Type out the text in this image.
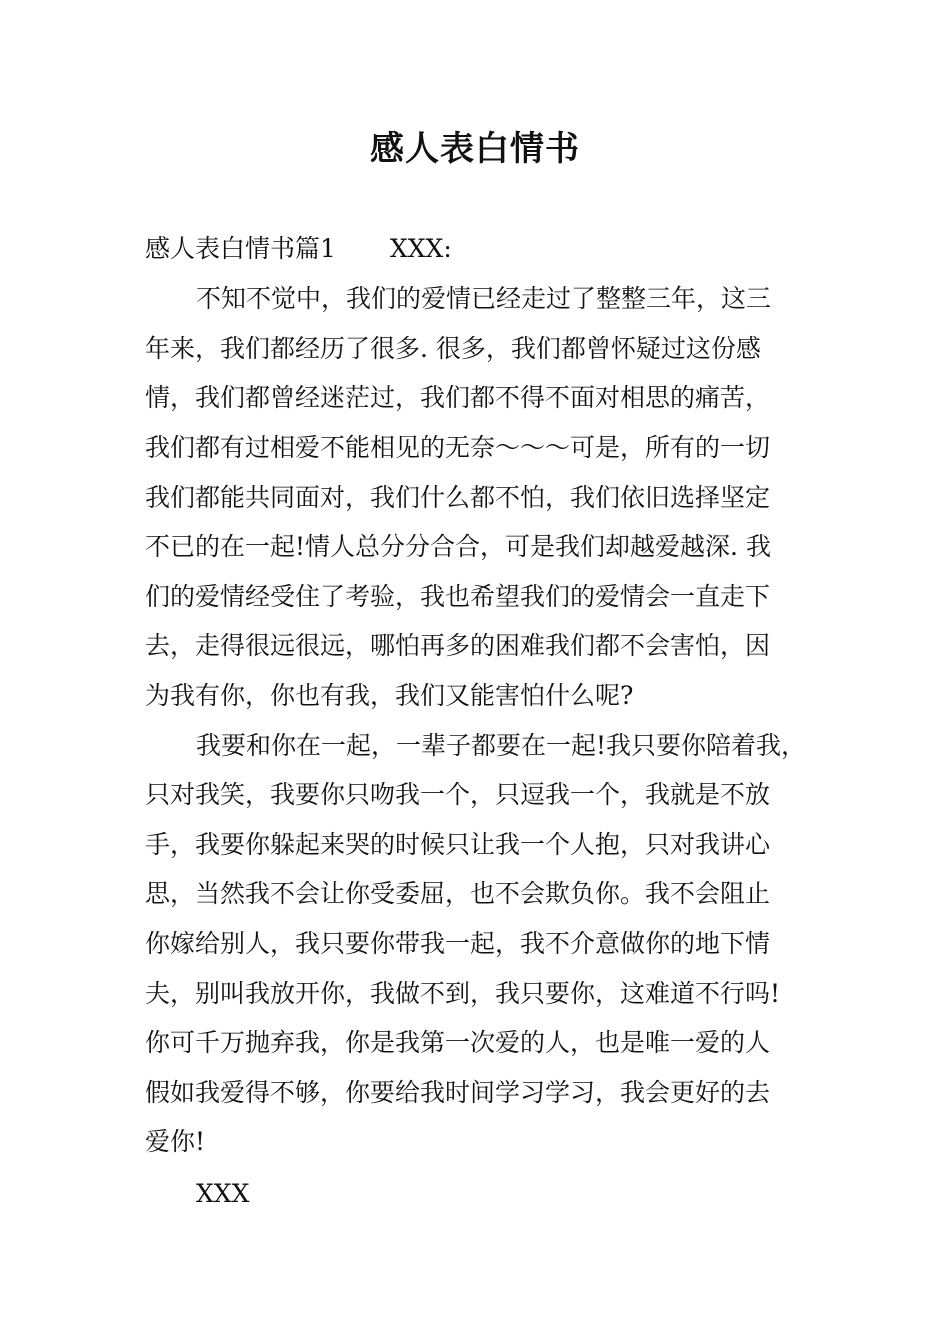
感人表白情书
感人表白情书篇1 XXX:
不知不觉中，我们的爱情已经走过了整整三年，这三
年来，我们都经历了很多. 很多，我们都曾怀疑过这份感
情，我们都曾经迷茫过，我们都不得不面对相思的痛苦，
我们都有过相爱不能相见的无奈～～～可是，所有的一切
我们都能共同面对，我们什么都不怕，我们依旧选择坚定
不已的在一起!情人总分分合合，可是我们却越爱越深. 我
们的爱情经受住了考验，我也希望我们的爱情会一直走下
去，走得很远很远，哪怕再多的困难我们都不会害怕，因
为我有你，你也有我，我们又能害怕什么呢?
我要和你在一起，一辈子都要在一起!我只要你陪着我，
只对我笑，我要你只吻我一个，只逗我一个，我就是不放
手，我要你躲起来哭的时候只让我一个人抱，只对我讲心
思，当然我不会让你受委屈，也不会欺负你。我不会阻止
你嫁给别人，我只要你带我一起，我不介意做你的地下情
夫，别叫我放开你，我做不到，我只要你，这难道不行吗!
你可千万抛弃我，你是我第一次爱的人，也是唯一爱的人
假如我爱得不够，你要给我时间学习学习，我会更好的去
爱你!
XXX
